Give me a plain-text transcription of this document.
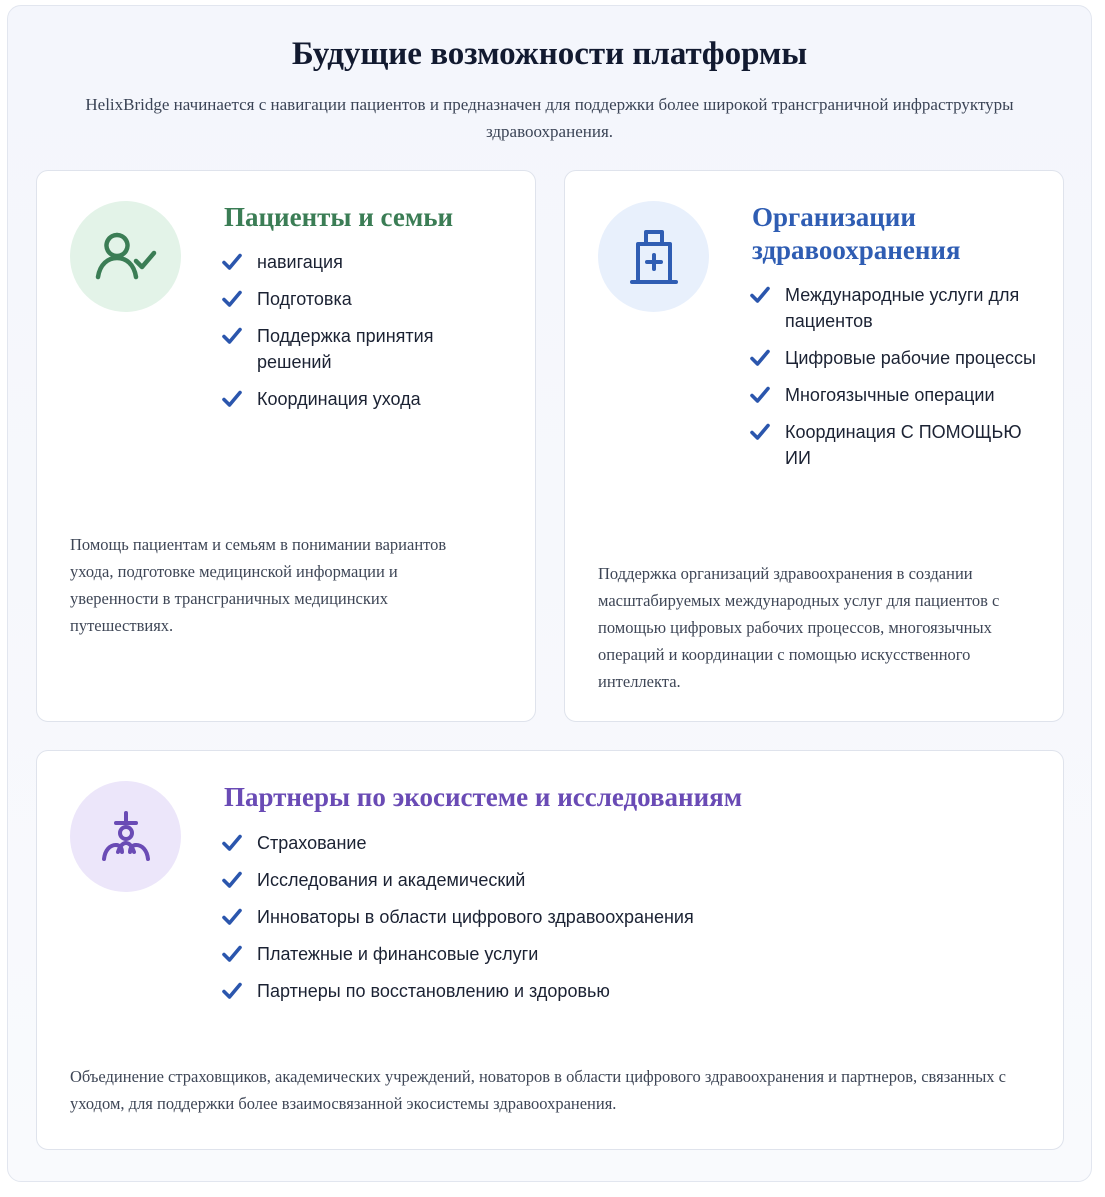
Будущие возможности платформы

HelixBridge начинается с навигации пациентов и предназначен для поддержки более широкой трансграничной инфраструктуры здравоохранения.

Пациенты и семьи
навигация
Подготовка
Поддержка принятия решений
Координация ухода

Помощь пациентам и семьям в понимании вариантов ухода, подготовке медицинской информации и уверенности в трансграничных медицинских путешествиях.

Организации здравоохранения
Международные услуги для пациентов
Цифровые рабочие процессы
Многоязычные операции
Координация С ПОМОЩЬЮ ИИ

Поддержка организаций здравоохранения в создании масштабируемых международных услуг для пациентов с помощью цифровых рабочих процессов, многоязычных операций и координации с помощью искусственного интеллекта.

Партнеры по экосистеме и исследованиям
Страхование
Исследования и академический
Инноваторы в области цифрового здравоохранения
Платежные и финансовые услуги
Партнеры по восстановлению и здоровью

Объединение страховщиков, академических учреждений, новаторов в области цифрового здравоохранения и партнеров, связанных с уходом, для поддержки более взаимосвязанной экосистемы здравоохранения.
